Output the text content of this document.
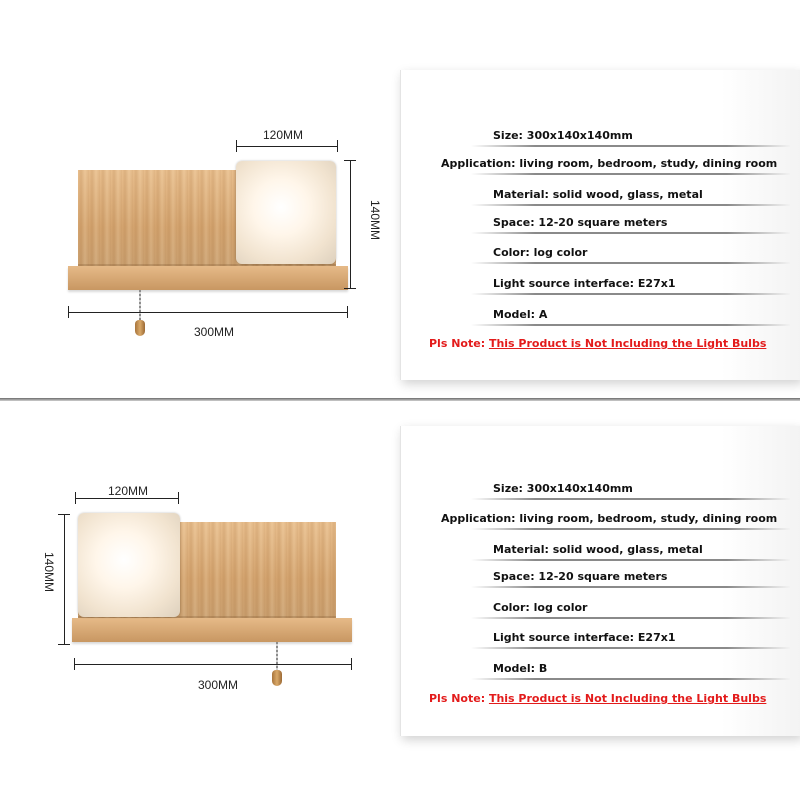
120MM
140MM
300MM
Size: 300x140x140mm
Application: living room, bedroom, study, dining room
Material: solid wood, glass, metal
Space: 12-20 square meters
Color: log color
Light source interface: E27x1
Model: A
Pls Note: This Product is Not Including the Light Bulbs
120MM
140MM
300MM
Size: 300x140x140mm
Application: living room, bedroom, study, dining room
Material: solid wood, glass, metal
Space: 12-20 square meters
Color: log color
Light source interface: E27x1
Model: B
Pls Note: This Product is Not Including the Light Bulbs
